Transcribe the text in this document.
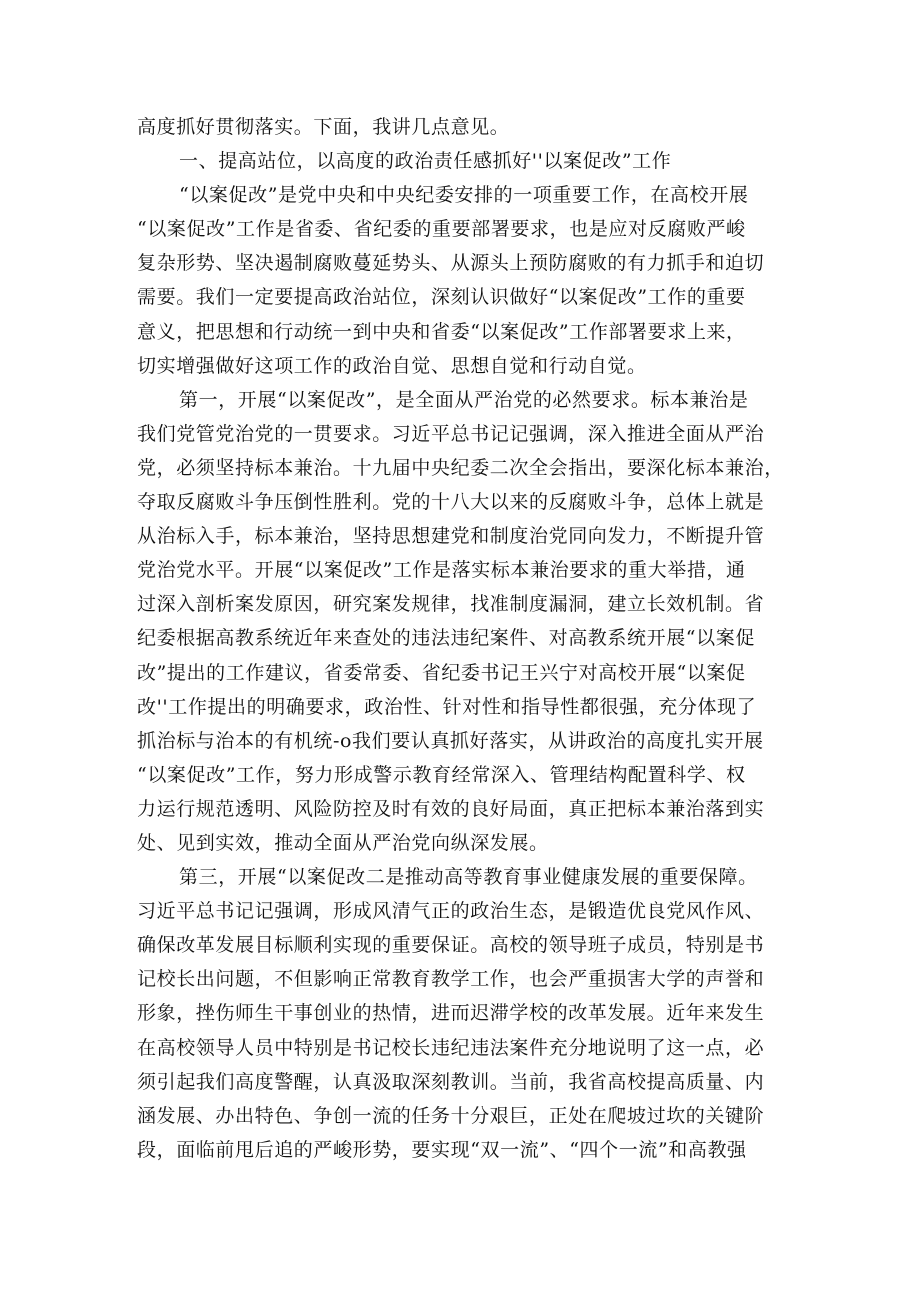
高度抓好贯彻落实。下面，我讲几点意见。
一、提高站位，以高度的政治责任感抓好''以案促改”工作
“以案促改”是党中央和中央纪委安排的一项重要工作，在高校开展
“以案促改”工作是省委、省纪委的重要部署要求，也是应对反腐败严峻
复杂形势、坚决遏制腐败蔓延势头、从源头上预防腐败的有力抓手和迫切
需要。我们一定要提高政治站位，深刻认识做好“以案促改”工作的重要
意义，把思想和行动统一到中央和省委“以案促改”工作部署要求上来，
切实增强做好这项工作的政治自觉、思想自觉和行动自觉。
第一，开展“以案促改”，是全面从严治党的必然要求。标本兼治是
我们党管党治党的一贯要求。习近平总书记记强调，深入推进全面从严治
党，必须坚持标本兼治。十九届中央纪委二次全会指出，要深化标本兼治，
夺取反腐败斗争压倒性胜利。党的十八大以来的反腐败斗争，总体上就是
从治标入手，标本兼治，坚持思想建党和制度治党同向发力，不断提升管
党治党水平。开展“以案促改”工作是落实标本兼治要求的重大举措，通
过深入剖析案发原因，研究案发规律，找准制度漏洞，建立长效机制。省
纪委根据高教系统近年来查处的违法违纪案件、对高教系统开展“以案促
改”提出的工作建议，省委常委、省纪委书记王兴宁对高校开展“以案促
改''工作提出的明确要求，政治性、针对性和指导性都很强，充分体现了
抓治标与治本的有机统-o我们要认真抓好落实，从讲政治的高度扎实开展
“以案促改”工作，努力形成警示教育经常深入、管理结构配置科学、权
力运行规范透明、风险防控及时有效的良好局面，真正把标本兼治落到实
处、见到实效，推动全面从严治党向纵深发展。
第三，开展“以案促改二是推动高等教育事业健康发展的重要保障。
习近平总书记记强调，形成风清气正的政治生态，是锻造优良党风作风、
确保改革发展目标顺利实现的重要保证。高校的领导班子成员，特别是书
记校长出问题，不但影响正常教育教学工作，也会严重损害大学的声誉和
形象，挫伤师生干事创业的热情，进而迟滞学校的改革发展。近年来发生
在高校领导人员中特别是书记校长违纪违法案件充分地说明了这一点，必
须引起我们高度警醒，认真汲取深刻教训。当前，我省高校提高质量、内
涵发展、办出特色、争创一流的任务十分艰巨，正处在爬坡过坎的关键阶
段，面临前甩后追的严峻形势，要实现“双一流”、“四个一流”和高教强
